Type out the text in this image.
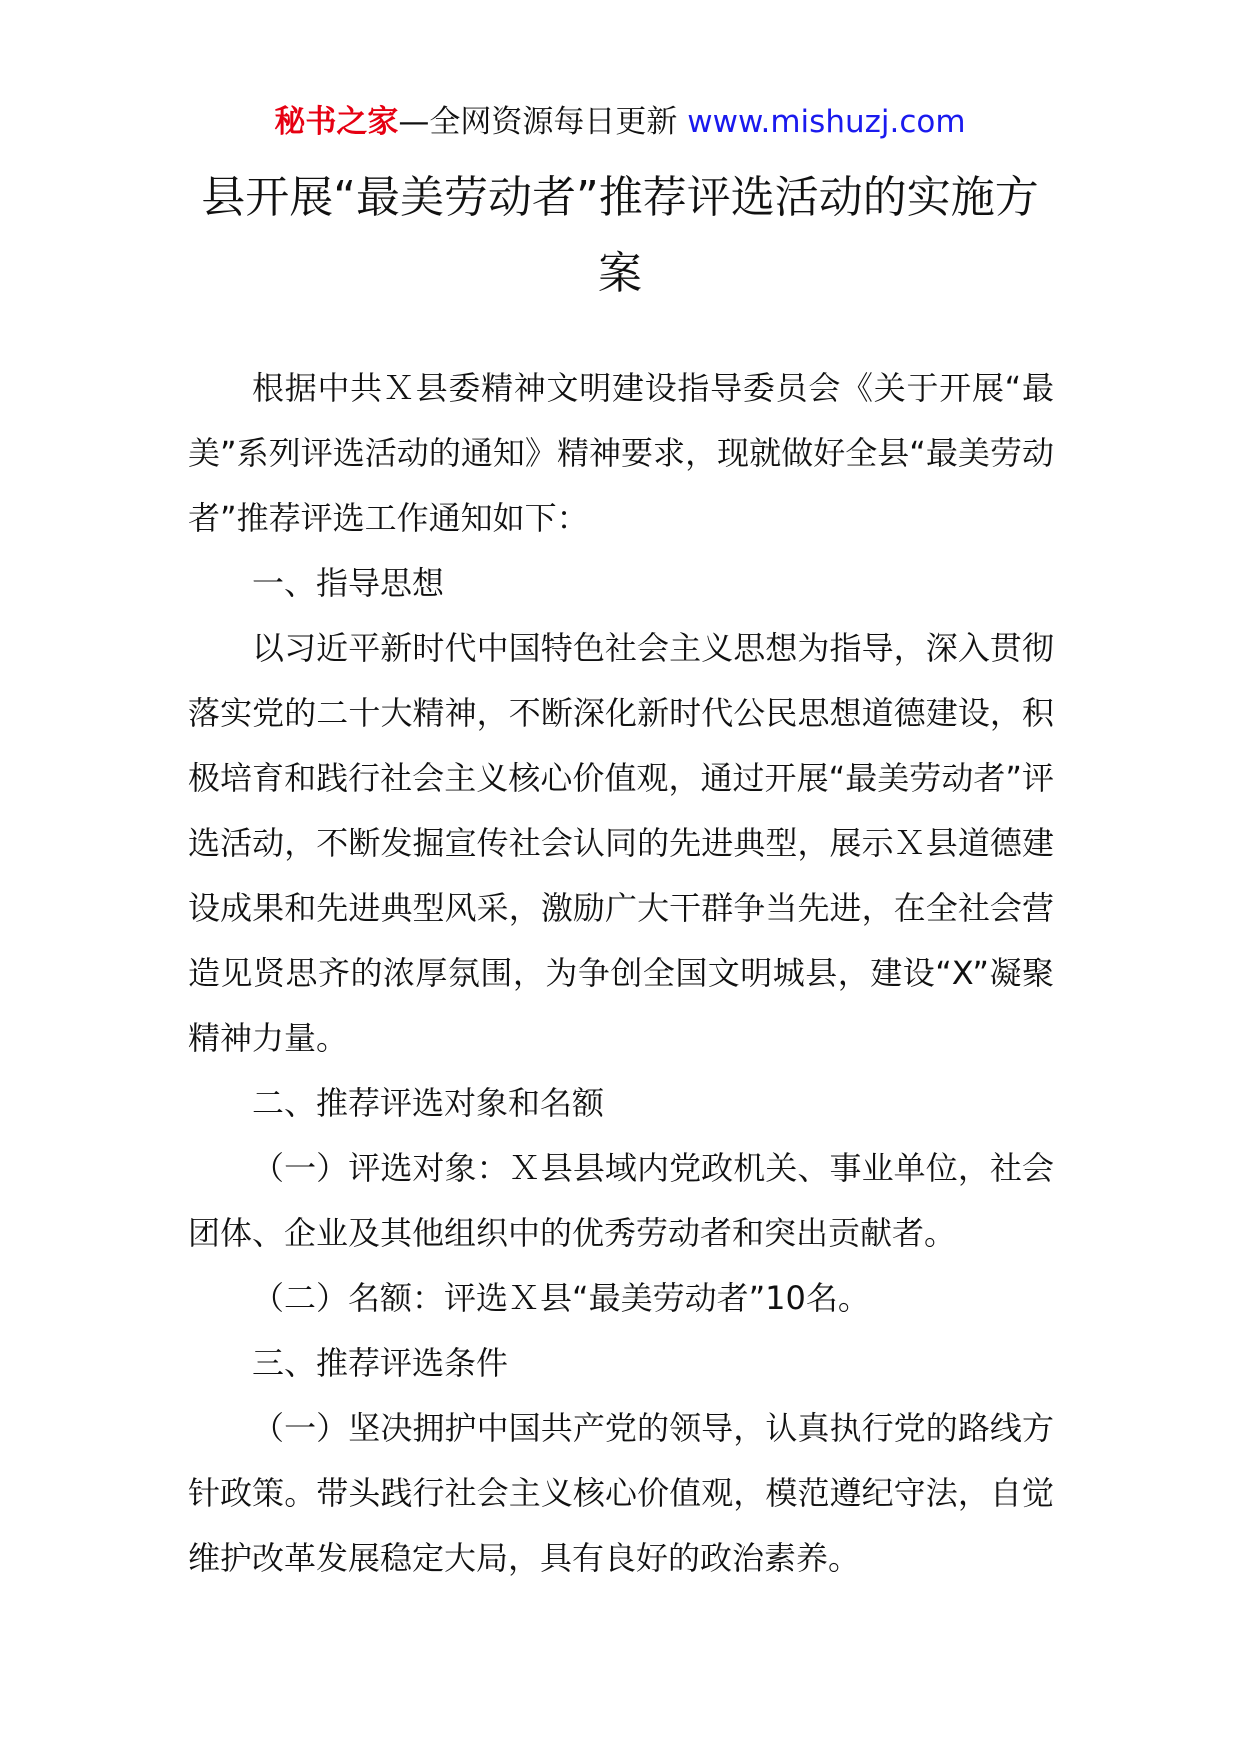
秘书之家—全网资源每日更新 www.mishuzj.com
县开展“最美劳动者”推荐评选活动的实施方案

根据中共Ｘ县委精神文明建设指导委员会《关于开展“最美”系列评选活动的通知》精神要求，现就做好全县“最美劳动者”推荐评选工作通知如下：

一、指导思想

以习近平新时代中国特色社会主义思想为指导，深入贯彻落实党的二十大精神，不断深化新时代公民思想道德建设，积极培育和践行社会主义核心价值观，通过开展“最美劳动者”评选活动，不断发掘宣传社会认同的先进典型，展示Ｘ县道德建设成果和先进典型风采，激励广大干群争当先进，在全社会营造见贤思齐的浓厚氛围，为争创全国文明城县，建设“X”凝聚精神力量。

二、推荐评选对象和名额

（一）评选对象：Ｘ县县域内党政机关、事业单位，社会团体、企业及其他组织中的优秀劳动者和突出贡献者。

（二）名额：评选Ｘ县“最美劳动者”10名。

三、推荐评选条件

（一）坚决拥护中国共产党的领导，认真执行党的路线方针政策。带头践行社会主义核心价值观，模范遵纪守法，自觉维护改革发展稳定大局，具有良好的政治素养。
